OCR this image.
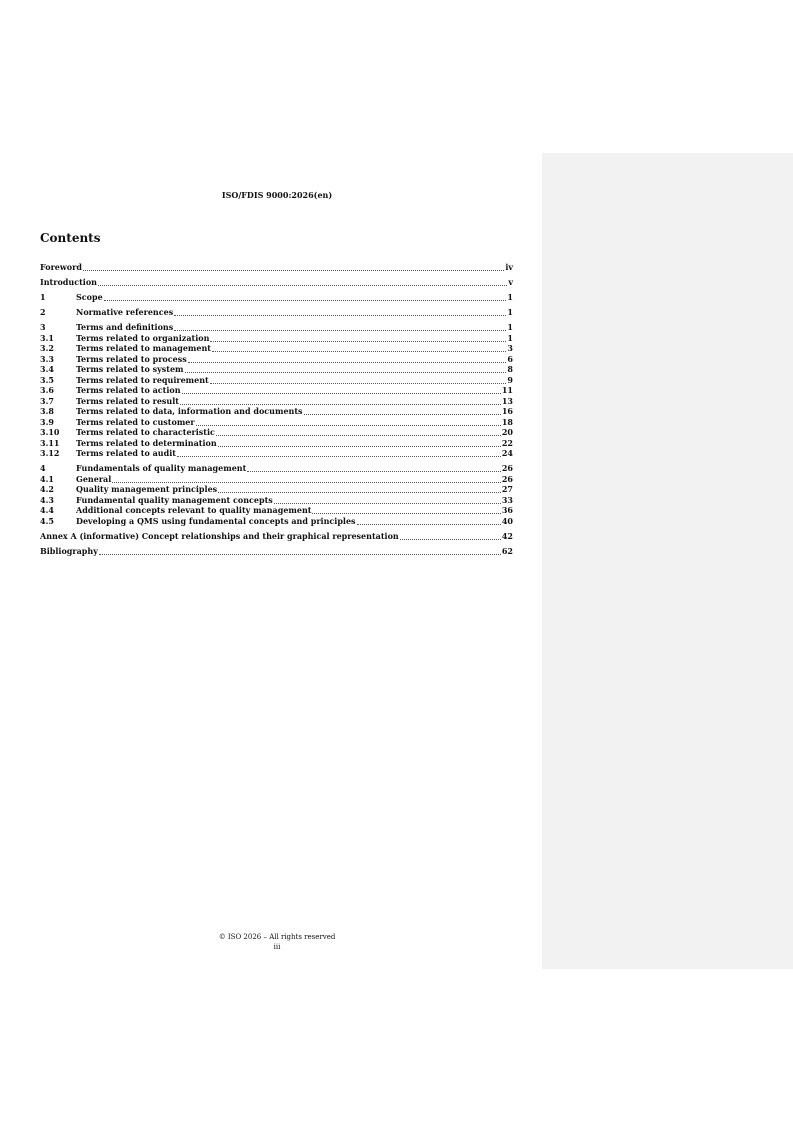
ISO/FDIS 9000:2026(en)
Contents
Foreword	iv
Introduction	v
1	Scope	1
2	Normative references	1
3	Terms and definitions	1
3.1	Terms related to organization	1
3.2	Terms related to management	3
3.3	Terms related to process	6
3.4	Terms related to system	8
3.5	Terms related to requirement	9
3.6	Terms related to action	11
3.7	Terms related to result	13
3.8	Terms related to data, information and documents	16
3.9	Terms related to customer	18
3.10	Terms related to characteristic	20
3.11	Terms related to determination	22
3.12	Terms related to audit	24
4	Fundamentals of quality management	26
4.1	General	26
4.2	Quality management principles	27
4.3	Fundamental quality management concepts	33
4.4	Additional concepts relevant to quality management	36
4.5	Developing a QMS using fundamental concepts and principles	40
Annex A (informative) Concept relationships and their graphical representation	42
Bibliography	62
© ISO 2026 – All rights reserved
iii
